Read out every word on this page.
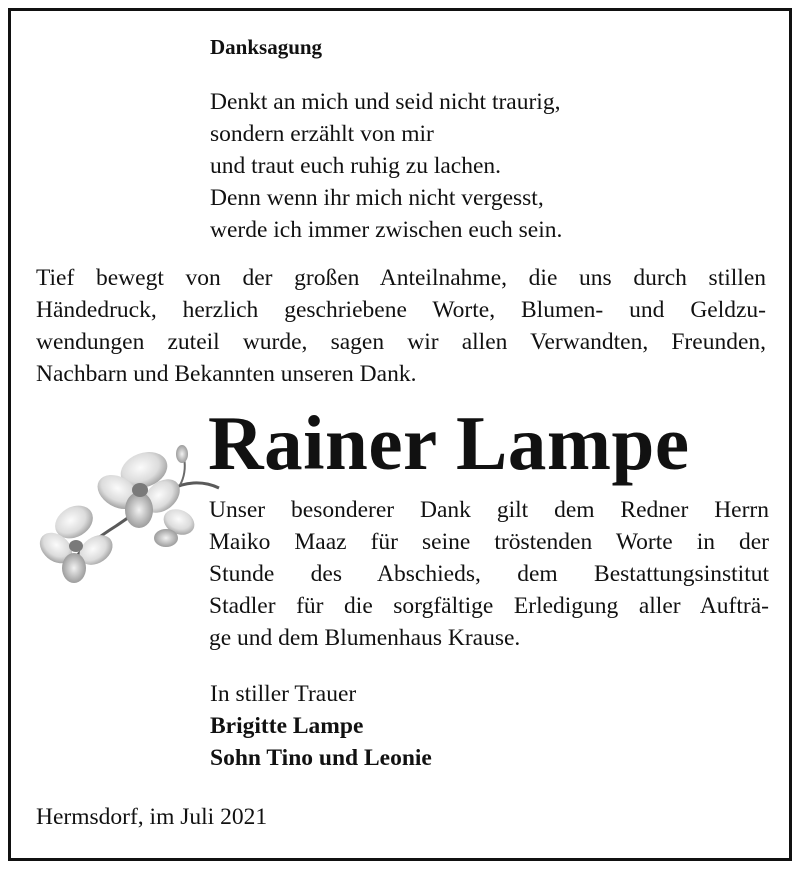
Danksagung
Denkt an mich und seid nicht traurig,
sondern erzählt von mir
und traut euch ruhig zu lachen.
Denn wenn ihr mich nicht vergesst,
werde ich immer zwischen euch sein.
Tief bewegt von der großen Anteilnahme, die uns durch stillen
Händedruck, herzlich geschriebene Worte, Blumen- und Geldzu-
wendungen zuteil wurde, sagen wir allen Verwandten, Freunden,
Nachbarn und Bekannten unseren Dank.
Rainer Lampe
Unser besonderer Dank gilt dem Redner Herrn
Maiko Maaz für seine tröstenden Worte in der
Stunde des Abschieds, dem Bestattungsinstitut
Stadler für die sorgfältige Erledigung aller Aufträ-
ge und dem Blumenhaus Krause.
In stiller Trauer
Brigitte Lampe
Sohn Tino und Leonie
Hermsdorf, im Juli 2021
